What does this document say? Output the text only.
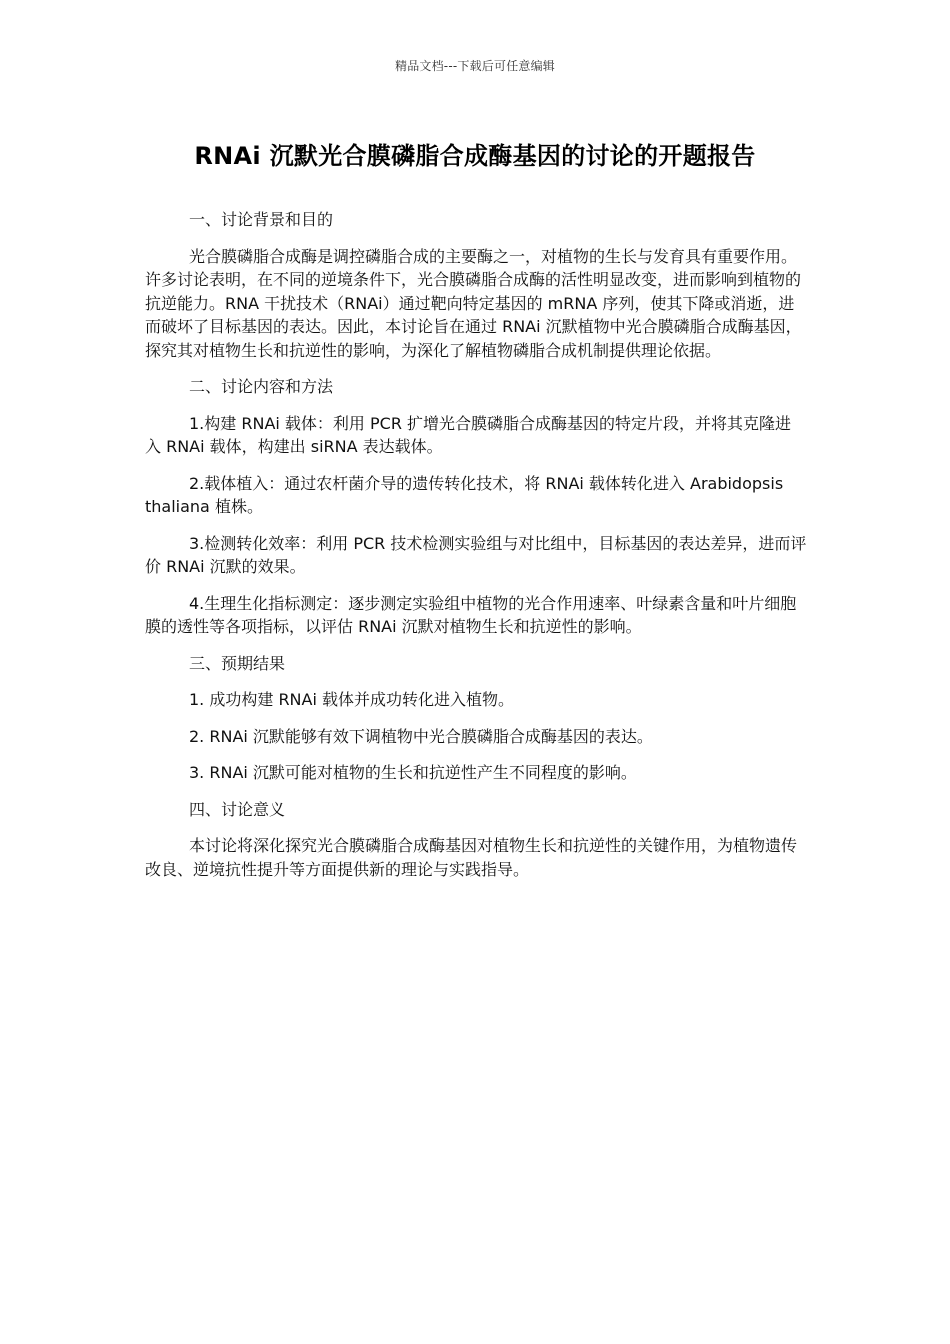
精品文档---下载后可任意编辑
RNAi 沉默光合膜磷脂合成酶基因的讨论的开题报告

一、讨论背景和目的

光合膜磷脂合成酶是调控磷脂合成的主要酶之一，对植物的生长与发育具有重要作用。许多讨论表明，在不同的逆境条件下，光合膜磷脂合成酶的活性明显改变，进而影响到植物的抗逆能力。RNA 干扰技术（RNAi）通过靶向特定基因的 mRNA 序列，使其下降或消逝，进而破坏了目标基因的表达。因此，本讨论旨在通过 RNAi 沉默植物中光合膜磷脂合成酶基因，探究其对植物生长和抗逆性的影响，为深化了解植物磷脂合成机制提供理论依据。

二、讨论内容和方法

1.构建 RNAi 载体：利用 PCR 扩增光合膜磷脂合成酶基因的特定片段，并将其克隆进入 RNAi 载体，构建出 siRNA 表达载体。

2.载体植入：通过农杆菌介导的遗传转化技术，将 RNAi 载体转化进入 Arabidopsis thaliana 植株。

3.检测转化效率：利用 PCR 技术检测实验组与对比组中，目标基因的表达差异，进而评价 RNAi 沉默的效果。

4.生理生化指标测定：逐步测定实验组中植物的光合作用速率、叶绿素含量和叶片细胞膜的透性等各项指标，以评估 RNAi 沉默对植物生长和抗逆性的影响。

三、预期结果

1. 成功构建 RNAi 载体并成功转化进入植物。

2. RNAi 沉默能够有效下调植物中光合膜磷脂合成酶基因的表达。

3. RNAi 沉默可能对植物的生长和抗逆性产生不同程度的影响。

四、讨论意义

本讨论将深化探究光合膜磷脂合成酶基因对植物生长和抗逆性的关键作用，为植物遗传改良、逆境抗性提升等方面提供新的理论与实践指导。
